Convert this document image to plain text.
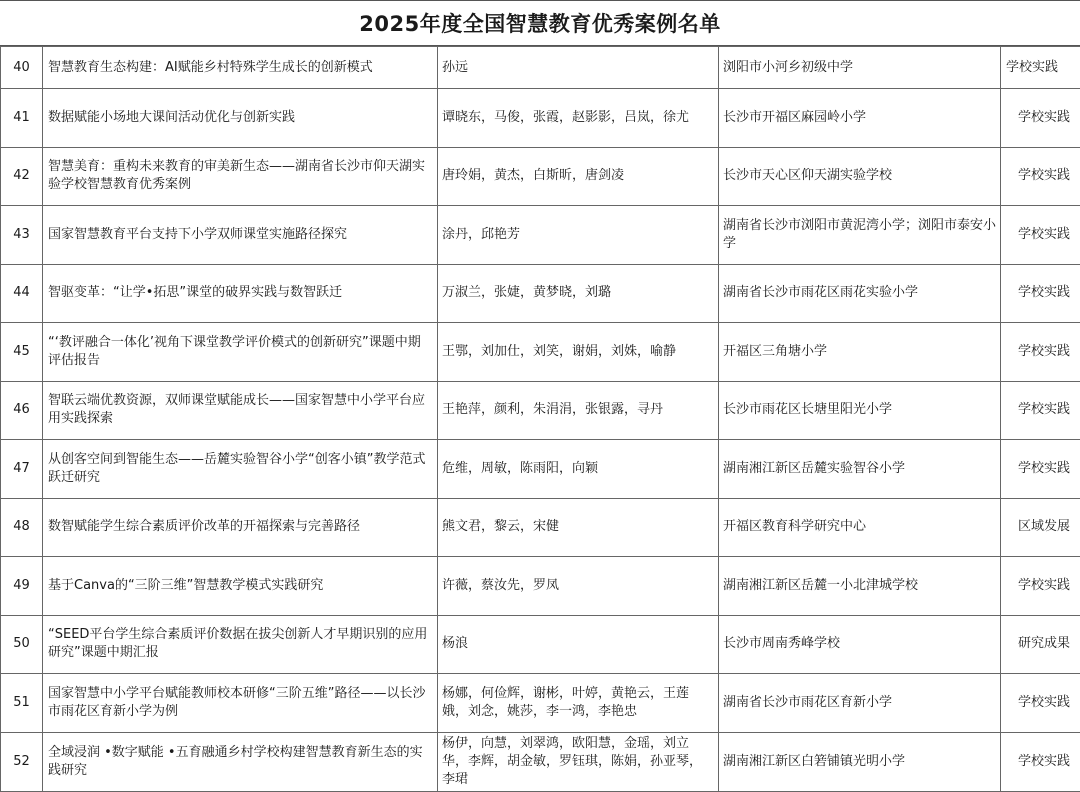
2025年度全国智慧教育优秀案例名单
40	智慧教育生态构建：AI赋能乡村特殊学生成长的创新模式	孙远	浏阳市小河乡初级中学	学校实践
41	数据赋能小场地大课间活动优化与创新实践	谭晓东，马俊，张霞，赵影影，吕岚，徐尤	长沙市开福区麻园岭小学	学校实践
42	智慧美育：重构未来教育的审美新生态——湖南省长沙市仰天湖实验学校智慧教育优秀案例	唐玲娟，黄杰，白斯昕，唐剑凌	长沙市天心区仰天湖实验学校	学校实践
43	国家智慧教育平台支持下小学双师课堂实施路径探究	涂丹，邱艳芳	湖南省长沙市浏阳市黄泥湾小学；浏阳市泰安小学	学校实践
44	智驱变革：“让学•拓思”课堂的破界实践与数智跃迁	万淑兰，张婕，黄梦晓，刘璐	湖南省长沙市雨花区雨花实验小学	学校实践
45	“‘教评融合一体化’视角下课堂教学评价模式的创新研究”课题中期评估报告	王鄂，刘加仕，刘笑，谢娟，刘姝，喻静	开福区三角塘小学	学校实践
46	智联云端优教资源，双师课堂赋能成长——国家智慧中小学平台应用实践探索	王艳萍，颜利，朱涓涓，张银露，寻丹	长沙市雨花区长塘里阳光小学	学校实践
47	从创客空间到智能生态——岳麓实验智谷小学“创客小镇”教学范式跃迁研究	危维，周敏，陈雨阳，向颖	湖南湘江新区岳麓实验智谷小学	学校实践
48	数智赋能学生综合素质评价改革的开福探索与完善路径	熊文君，黎云，宋健	开福区教育科学研究中心	区域发展
49	基于Canva的“三阶三维”智慧教学模式实践研究	许薇，蔡汝先，罗凤	湖南湘江新区岳麓一小北津城学校	学校实践
50	“SEED平台学生综合素质评价数据在拔尖创新人才早期识别的应用研究”课题中期汇报	杨浪	长沙市周南秀峰学校	研究成果
51	国家智慧中小学平台赋能教师校本研修“三阶五维”路径——以长沙市雨花区育新小学为例	杨娜，何俭辉，谢彬，叶婷，黄艳云，王莲娥，刘念，姚莎，李一鸿，李艳忠	湖南省长沙市雨花区育新小学	学校实践
52	全域浸润 •数字赋能 •五育融通乡村学校构建智慧教育新生态的实践研究	杨伊，向慧，刘翠鸿，欧阳慧，金瑶，刘立华，李辉，胡金敏，罗钰琪，陈娟，孙亚琴，李珺	湖南湘江新区白箬铺镇光明小学	学校实践
